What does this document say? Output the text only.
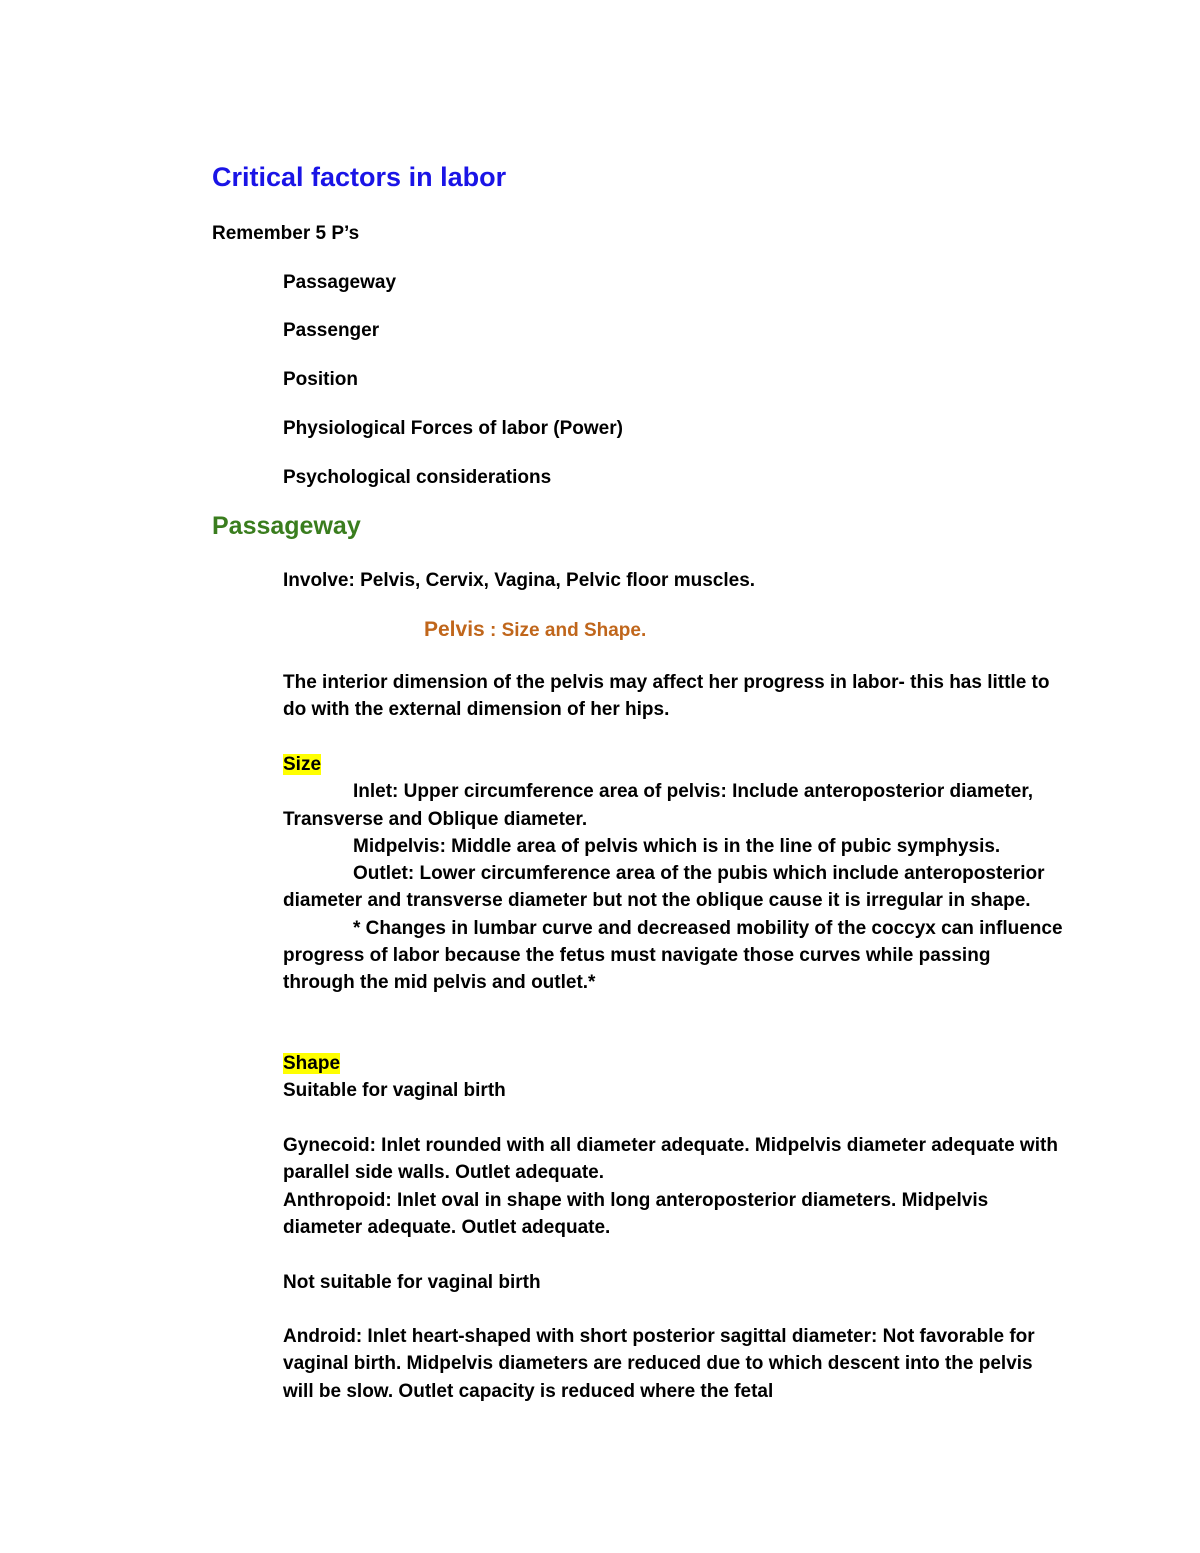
Critical factors in labor
Remember 5 P’s
Passageway
Passenger
Position
Physiological Forces of labor (Power)
Psychological considerations
Passageway
Involve: Pelvis, Cervix, Vagina, Pelvic floor muscles.
Pelvis : Size and Shape.
The interior dimension of the pelvis may affect her progress in labor- this has little to do with the external dimension of her hips.

Size

Inlet: Upper circumference area of pelvis: Include anteroposterior diameter, Transverse and Oblique diameter.

Midpelvis: Middle area of pelvis which is in the line of pubic symphysis.

Outlet: Lower circumference area of the pubis which include anteroposterior diameter and transverse diameter but not the oblique cause it is irregular in shape.

* Changes in lumbar curve and decreased mobility of the coccyx can influence progress of labor because the fetus must navigate those curves while passing through the mid pelvis and outlet.*

Shape

Suitable for vaginal birth

Gynecoid: Inlet rounded with all diameter adequate. Midpelvis diameter adequate with parallel side walls. Outlet adequate.

Anthropoid: Inlet oval in shape with long anteroposterior diameters. Midpelvis diameter adequate. Outlet adequate.

Not suitable for vaginal birth
Android: Inlet heart-shaped with short posterior sagittal diameter: Not favorable for vaginal birth. Midpelvis diameters are reduced due to which descent into the pelvis will be slow. Outlet capacity is reduced where the fetal
